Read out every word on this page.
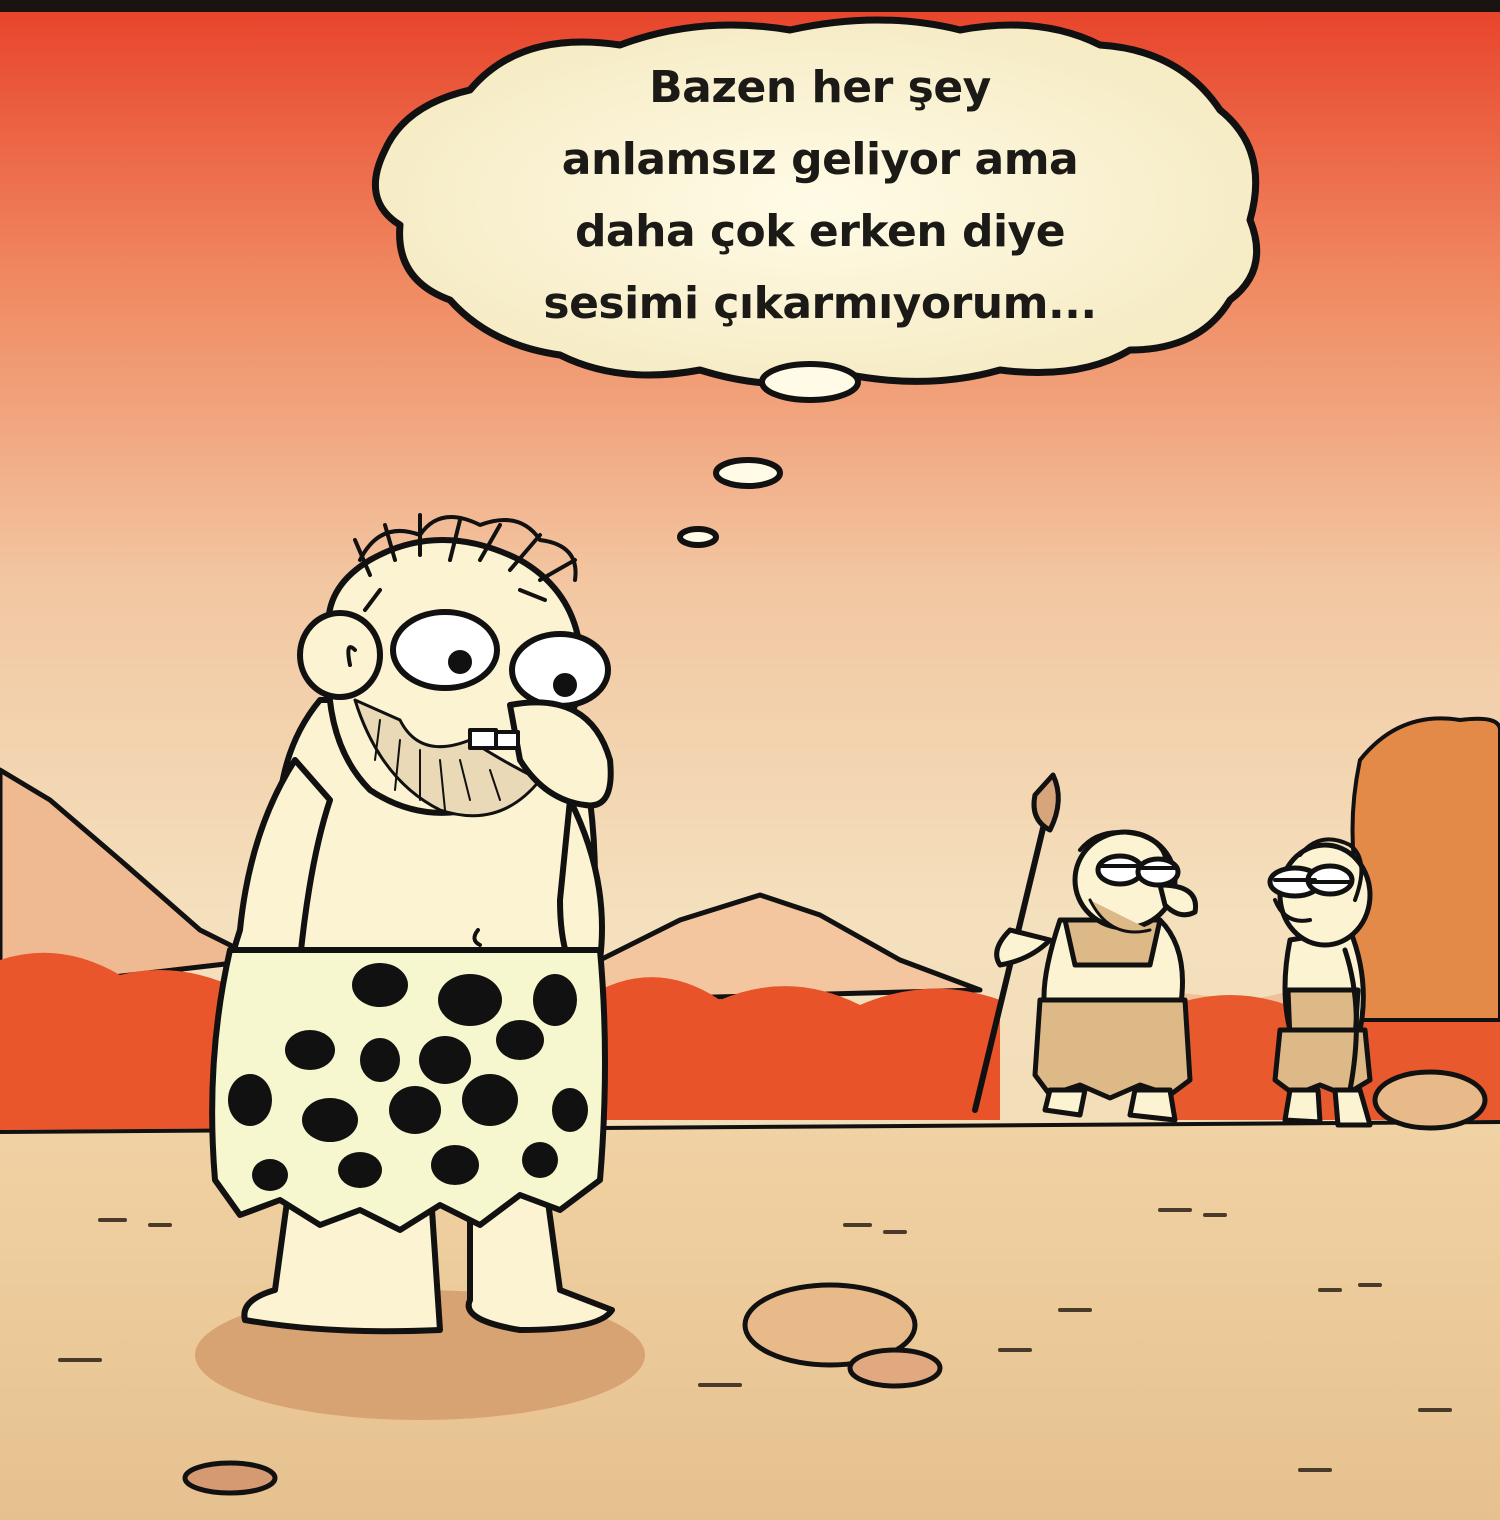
Bazen her şey
anlamsız geliyor ama
daha çok erken diye
sesimi çıkarmıyorum...
